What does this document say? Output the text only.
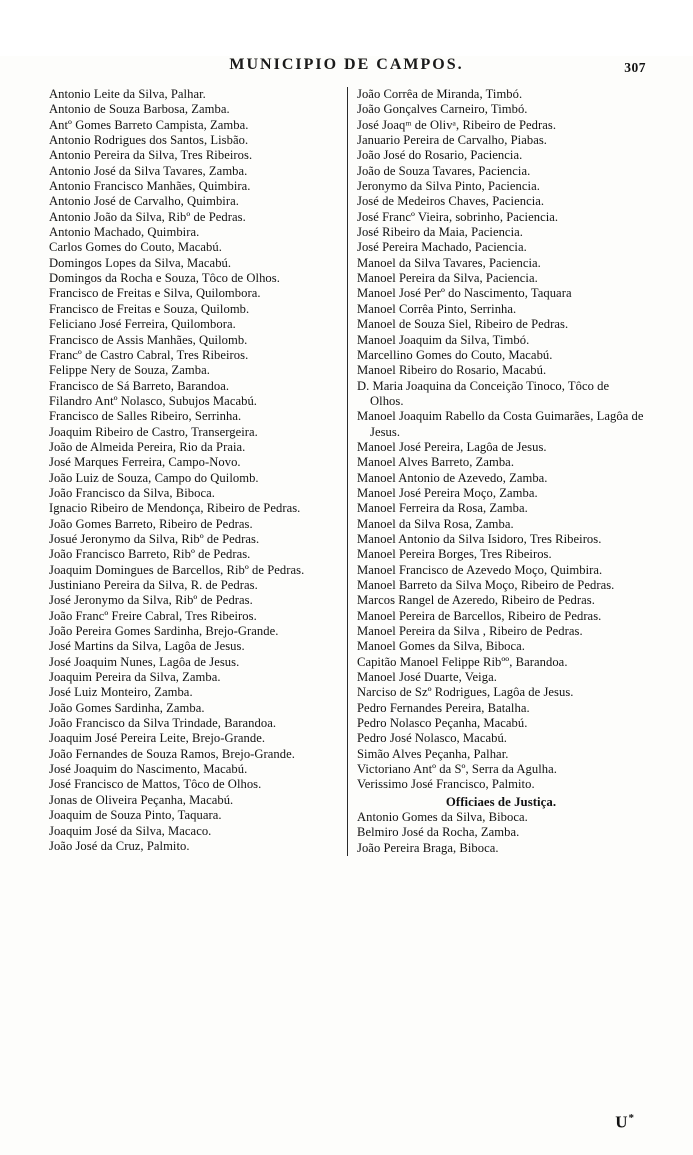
MUNICIPIO DE CAMPOS.	307

Antonio Leite da Silva, Palhar.

Antonio de Souza Barbosa, Zamba.

Antº Gomes Barreto Campista, Zamba.

Antonio Rodrigues dos Santos, Lisbão.

Antonio Pereira da Silva, Tres Ribeiros.

Antonio José da Silva Tavares, Zamba.

Antonio Francisco Manhães, Quimbira.

Antonio José de Carvalho, Quimbira.

Antonio João da Silva, Ribº de Pedras.

Antonio Machado, Quimbira.

Carlos Gomes do Couto, Macabú.

Domingos Lopes da Silva, Macabú.

Domingos da Rocha e Souza, Tôco de Olhos.

Francisco de Freitas e Silva, Quilombora.

Francisco de Freitas e Souza, Quilomb.

Feliciano José Ferreira, Quilombora.

Francisco de Assis Manhães, Quilomb.

Francº de Castro Cabral, Tres Ribeiros.

Felippe Nery de Souza, Zamba.

Francisco de Sá Barreto, Barandoa.

Filandro Antº Nolasco, Subujos Macabú.

Francisco de Salles Ribeiro, Serrinha.

Joaquim Ribeiro de Castro, Transergeira.

João de Almeida Pereira, Rio da Praia.

José Marques Ferreira, Campo-Novo.

João Luiz de Souza, Campo do Quilomb.

João Francisco da Silva, Biboca.

Ignacio Ribeiro de Mendonça, Ribeiro de Pedras.

João Gomes Barreto, Ribeiro de Pedras.

Josué Jeronymo da Silva, Ribº de Pedras.

João Francisco Barreto, Ribº de Pedras.

Joaquim Domingues de Barcellos, Ribº de Pedras.

Justiniano Pereira da Silva, R. de Pedras.

José Jeronymo da Silva, Ribº de Pedras.

João Francº Freire Cabral, Tres Ribeiros.

João Pereira Gomes Sardinha, Brejo-Grande.

José Martins da Silva, Lagôa de Jesus.

José Joaquim Nunes, Lagôa de Jesus.

Joaquim Pereira da Silva, Zamba.

José Luiz Monteiro, Zamba.

João Gomes Sardinha, Zamba.

João Francisco da Silva Trindade, Barandoa.

Joaquim José Pereira Leite, Brejo-Grande.

João Fernandes de Souza Ramos, Brejo-Grande.

José Joaquim do Nascimento, Macabú.

José Francisco de Mattos, Tôco de Olhos.

Jonas de Oliveira Peçanha, Macabú.

Joaquim de Souza Pinto, Taquara.

Joaquim José da Silva, Macaco.

João José da Cruz, Palmito.

João Corrêa de Miranda, Timbó.

João Gonçalves Carneiro, Timbó.

José Joaqᵐ de Olivᵃ, Ribeiro de Pedras.

Januario Pereira de Carvalho, Piabas.

João José do Rosario, Paciencia.

João de Souza Tavares, Paciencia.

Jeronymo da Silva Pinto, Paciencia.

José de Medeiros Chaves, Paciencia.

José Francº Vieira, sobrinho, Paciencia.

José Ribeiro da Maia, Paciencia.

José Pereira Machado, Paciencia.

Manoel da Silva Tavares, Paciencia.

Manoel Pereira da Silva, Paciencia.

Manoel José Perº do Nascimento, Taquara

Manoel Corrêa Pinto, Serrinha.

Manoel de Souza Siel, Ribeiro de Pedras.

Manoel Joaquim da Silva, Timbó.

Marcellino Gomes do Couto, Macabú.

Manoel Ribeiro do Rosario, Macabú.

D. Maria Joaquina da Conceição Tinoco, Tôco de Olhos.

Manoel Joaquim Rabello da Costa Guimarães, Lagôa de Jesus.

Manoel José Pereira, Lagôa de Jesus.

Manoel Alves Barreto, Zamba.

Manoel Antonio de Azevedo, Zamba.

Manoel José Pereira Moço, Zamba.

Manoel Ferreira da Rosa, Zamba.

Manoel da Silva Rosa, Zamba.

Manoel Antonio da Silva Isidoro, Tres Ribeiros.

Manoel Pereira Borges, Tres Ribeiros.

Manoel Francisco de Azevedo Moço, Quimbira.

Manoel Barreto da Silva Moço, Ribeiro de Pedras.

Marcos Rangel de Azeredo, Ribeiro de Pedras.

Manoel Pereira de Barcellos, Ribeiro de Pedras.

Manoel Pereira da Silva , Ribeiro de Pedras.

Manoel Gomes da Silva, Biboca.

Capitão Manoel Felippe Ribºº, Barandoa.

Manoel José Duarte, Veiga.

Narciso de Szº Rodrigues, Lagôa de Jesus.

Pedro Fernandes Pereira, Batalha.

Pedro Nolasco Peçanha, Macabú.

Pedro José Nolasco, Macabú.

Simão Alves Peçanha, Palhar.

Victoriano Antº da Sº, Serra da Agulha.

Verissimo José Francisco, Palmito.

Officiaes de Justiça.

Antonio Gomes da Silva, Biboca.

Belmiro José da Rocha, Zamba.

João Pereira Braga, Biboca.

U*
